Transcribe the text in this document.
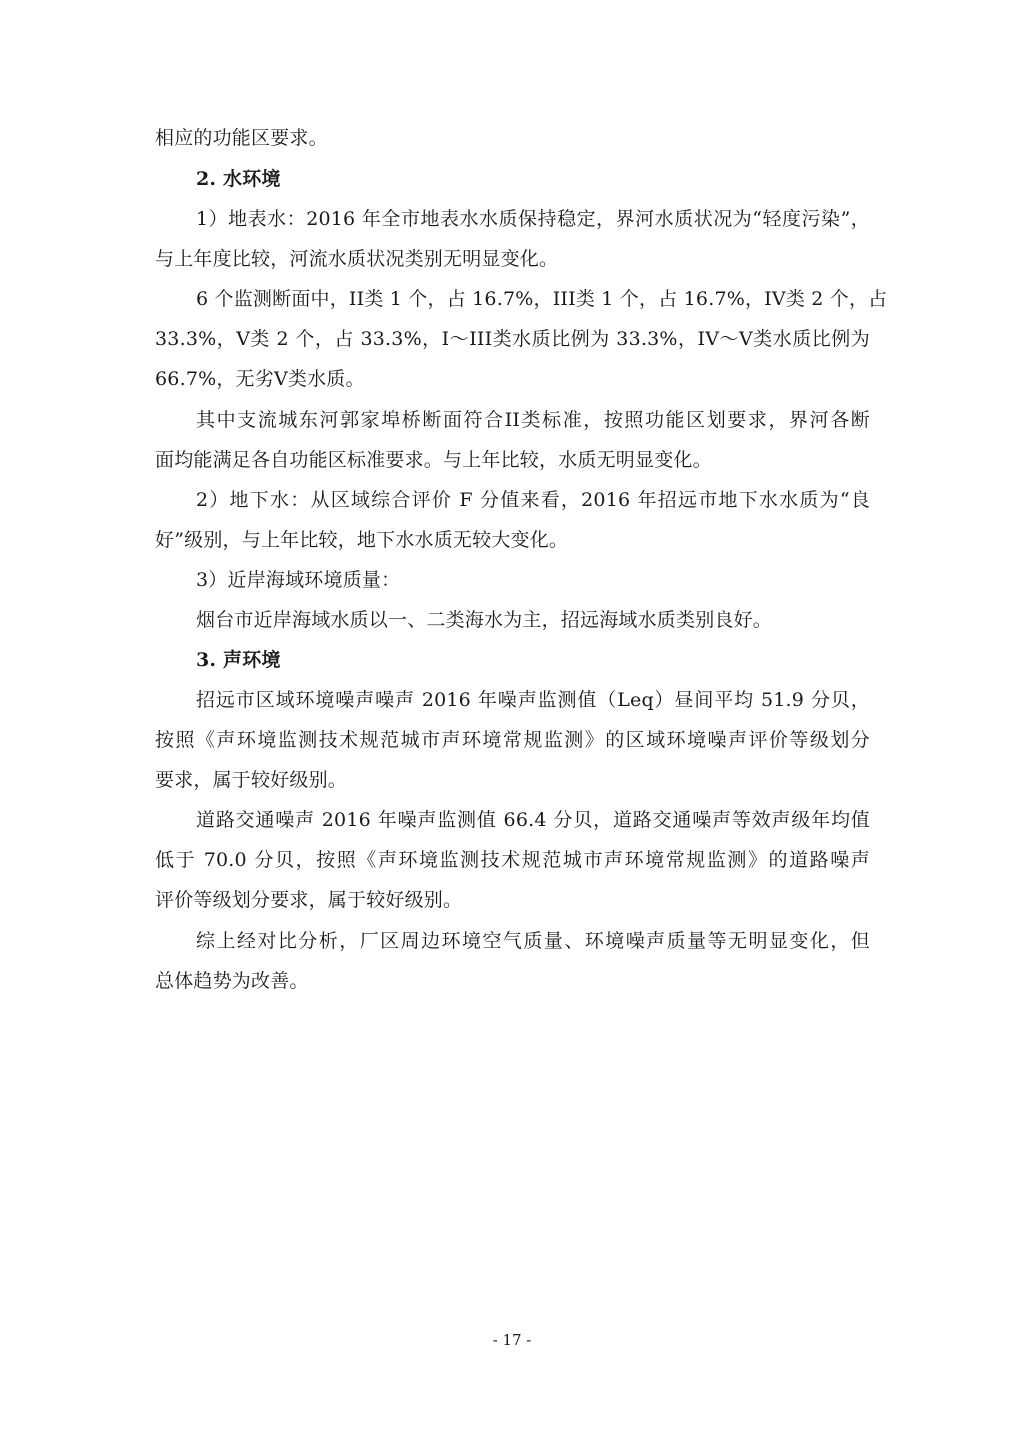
相应的功能区要求。
2. 水环境
1）地表水：2016 年全市地表水水质保持稳定，界河水质状况为“轻度污染”，
与上年度比较，河流水质状况类别无明显变化。
6 个监测断面中，II类 1 个，占 16.7%，III类 1 个，占 16.7%，IV类 2 个，占
33.3%，V类 2 个，占 33.3%，I～III类水质比例为 33.3%，IV～V类水质比例为
66.7%，无劣V类水质。
其中支流城东河郭家埠桥断面符合II类标准，按照功能区划要求，界河各断
面均能满足各自功能区标准要求。与上年比较，水质无明显变化。
2）地下水：从区域综合评价 F 分值来看，2016 年招远市地下水水质为“良
好”级别，与上年比较，地下水水质无较大变化。
3）近岸海域环境质量：
烟台市近岸海域水质以一、二类海水为主，招远海域水质类别良好。
3. 声环境
招远市区域环境噪声噪声 2016 年噪声监测值（Leq）昼间平均 51.9 分贝，
按照《声环境监测技术规范城市声环境常规监测》的区域环境噪声评价等级划分
要求，属于较好级别。
道路交通噪声 2016 年噪声监测值 66.4 分贝，道路交通噪声等效声级年均值
低于 70.0 分贝，按照《声环境监测技术规范城市声环境常规监测》的道路噪声
评价等级划分要求，属于较好级别。
综上经对比分析，厂区周边环境空气质量、环境噪声质量等无明显变化，但
总体趋势为改善。
- 17 -
